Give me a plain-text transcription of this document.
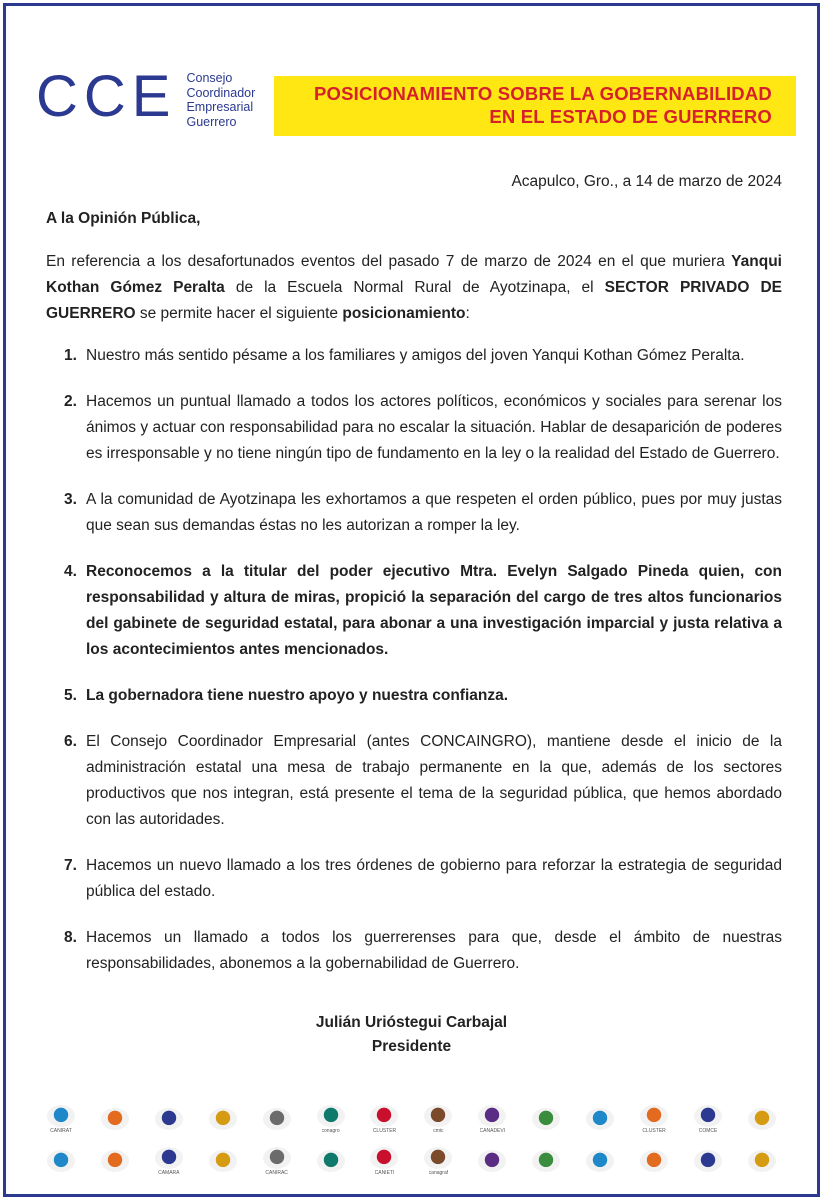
CCE Consejo
Coordinador
Empresarial
Guerrero
POSICIONAMIENTO SOBRE LA GOBERNABILIDAD
EN EL ESTADO DE GUERRERO

Acapulco, Gro., a 14 de marzo de 2024

A la Opinión Pública,

En referencia a los desafortunados eventos del pasado 7 de marzo de 2024 en el que muriera Yanqui Kothan Gómez Peralta de la Escuela Normal Rural de Ayotzinapa, el SECTOR PRIVADO DE GUERRERO se permite hacer el siguiente posicionamiento:

1. Nuestro más sentido pésame a los familiares y amigos del joven Yanqui Kothan Gómez Peralta.
2. Hacemos un puntual llamado a todos los actores políticos, económicos y sociales para serenar los ánimos y actuar con responsabilidad para no escalar la situación. Hablar de desaparición de poderes es irresponsable y no tiene ningún tipo de fundamento en la ley o la realidad del Estado de Guerrero.
3. A la comunidad de Ayotzinapa les exhortamos a que respeten el orden público, pues por muy justas que sean sus demandas éstas no les autorizan a romper la ley.
4. Reconocemos a la titular del poder ejecutivo Mtra. Evelyn Salgado Pineda quien, con responsabilidad y altura de miras, propició la separación del cargo de tres altos funcionarios del gabinete de seguridad estatal, para abonar a una investigación imparcial y justa relativa a los acontecimientos antes mencionados.
5. La gobernadora tiene nuestro apoyo y nuestra confianza.
6. El Consejo Coordinador Empresarial (antes CONCAINGRO), mantiene desde el inicio de la administración estatal una mesa de trabajo permanente en la que, además de los sectores productivos que nos integran, está presente el tema de la seguridad pública, que hemos abordado con las autoridades.
7. Hacemos un nuevo llamado a los tres órdenes de gobierno para reforzar la estrategia de seguridad pública del estado.
8. Hacemos un llamado a todos los guerrerenses para que, desde el ámbito de nuestras responsabilidades, abonemos a la gobernabilidad de Guerrero.
Julián Urióstegui Carbajal
Presidente
CANIRAT	conagro	CLÚSTER	cmic	CANADEVI	CLUSTER	COMCE
CAMARA	CANIRAC	CANIETI	canagraf
